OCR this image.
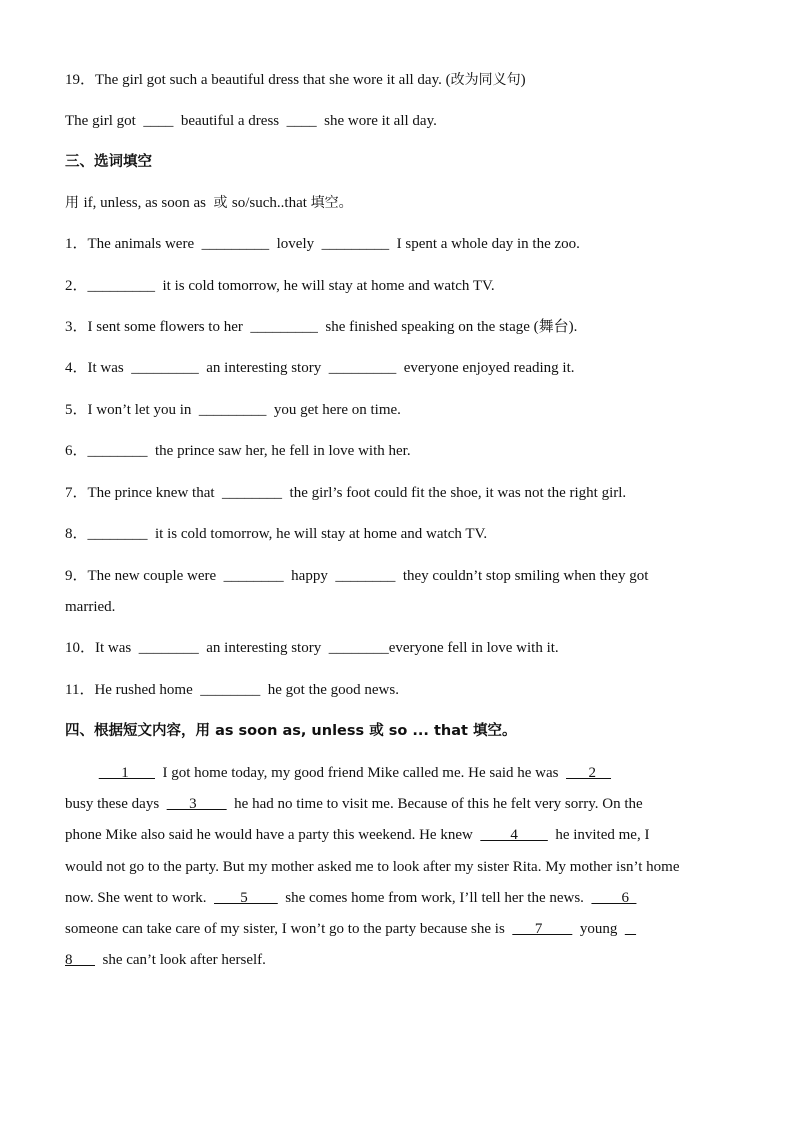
19．The girl got such a beautiful dress that she wore it all day. (改为同义句)
The girl got  ____  beautiful a dress  ____  she wore it all day.
三、选词填空
用 if, unless, as soon as  或 so/such..that 填空。
1．The animals were  _________  lovely  _________  I spent a whole day in the zoo.
2．_________  it is cold tomorrow, he will stay at home and watch TV.
3．I sent some flowers to her  _________  she finished speaking on the stage (舞台).
4．It was  _________  an interesting story  _________  everyone enjoyed reading it.
5．I won’t let you in  _________  you get here on time.
6．________  the prince saw her, he fell in love with her.
7．The prince knew that  ________  the girl’s foot could fit the shoe, it was not the right girl.
8．________  it is cold tomorrow, he will stay at home and watch TV.
9．The new couple were  ________  happy  ________  they couldn’t stop smiling when they got
married.
10．It was  ________  an interesting story  ________everyone fell in love with it.
11．He rushed home  ________  he got the good news.
四、根据短文内容，用 as soon as, unless 或 so ... that 填空。
1         I got home today, my good friend Mike called me. He said he was        2
busy these days        3          he had no time to visit me. Because of this he felt very sorry. On the
phone Mike also said he would have a party this weekend. He knew          4          he invited me, I
would not go to the party. But my mother asked me to look after my sister Rita. My mother isn’t home
now. She went to work.         5          she comes home from work, I’ll tell her the news.          6
someone can take care of my sister, I won’t go to the party because she is        7          young
8        she can’t look after herself.
